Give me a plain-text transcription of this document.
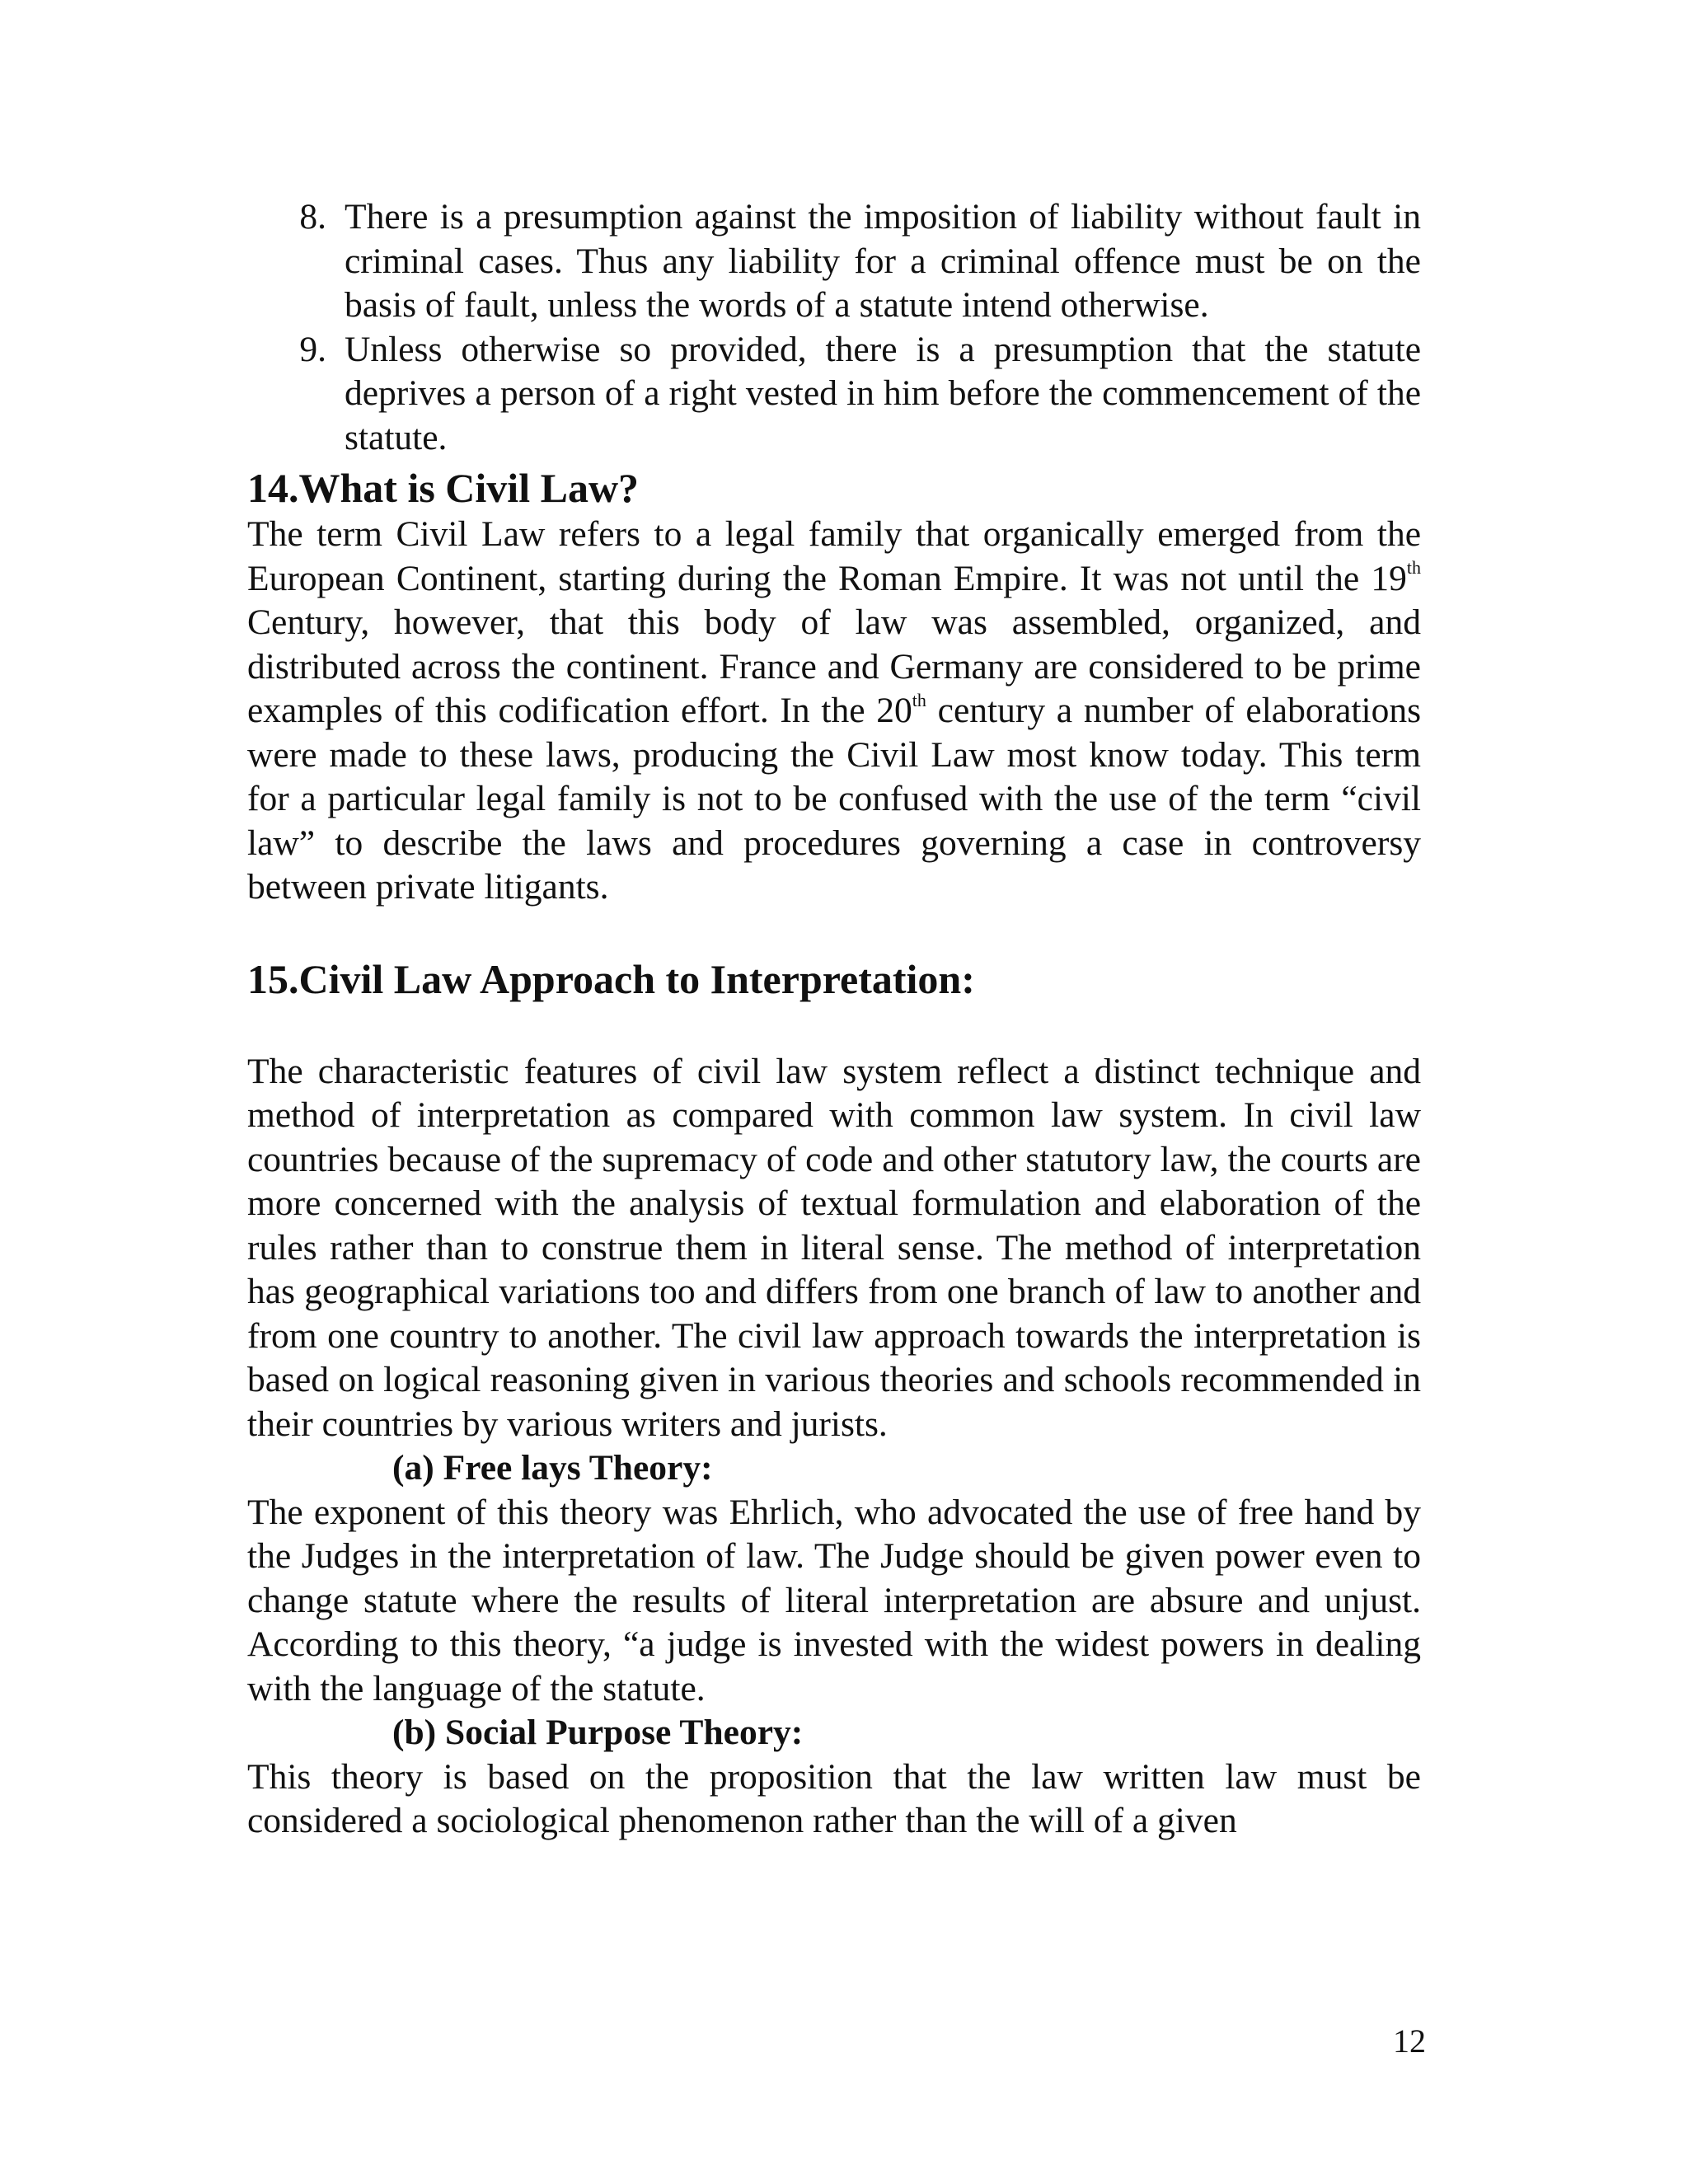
8. There is a presumption against the imposition of liability without fault in criminal cases. Thus any liability for a criminal offence must be on the basis of fault, unless the words of a statute intend otherwise.

9. Unless otherwise so provided, there is a presumption that the statute deprives a person of a right vested in him before the commencement of the statute.

14.What is Civil Law?

The term Civil Law refers to a legal family that organically emerged from the European Continent, starting during the Roman Empire. It was not until the 19th Century, however, that this body of law was assembled, organized, and distributed across the continent. France and Germany are considered to be prime examples of this codification effort. In the 20th century a number of elaborations were made to these laws, producing the Civil Law most know today. This term for a particular legal family is not to be confused with the use of the term “civil law” to describe the laws and procedures governing a case in controversy between private litigants.

15.Civil Law Approach to Interpretation:

The characteristic features of civil law system reflect a distinct technique and method of interpretation as compared with common law system. In civil law countries because of the supremacy of code and other statutory law, the courts are more concerned with the analysis of textual formulation and elaboration of the rules rather than to construe them in literal sense. The method of interpretation has geographical variations too and differs from one branch of law to another and from one country to another. The civil law approach towards the interpretation is based on logical reasoning given in various theories and schools recommended in their countries by various writers and jurists.

(a) Free lays Theory:

The exponent of this theory was Ehrlich, who advocated the use of free hand by the Judges in the interpretation of law. The Judge should be given power even to change statute where the results of literal interpretation are absure and unjust. According to this theory, “a judge is invested with the widest powers in dealing with the language of the statute.

(b) Social Purpose Theory:

This theory is based on the proposition that the law written law must be considered a sociological phenomenon rather than the will of a given

12
